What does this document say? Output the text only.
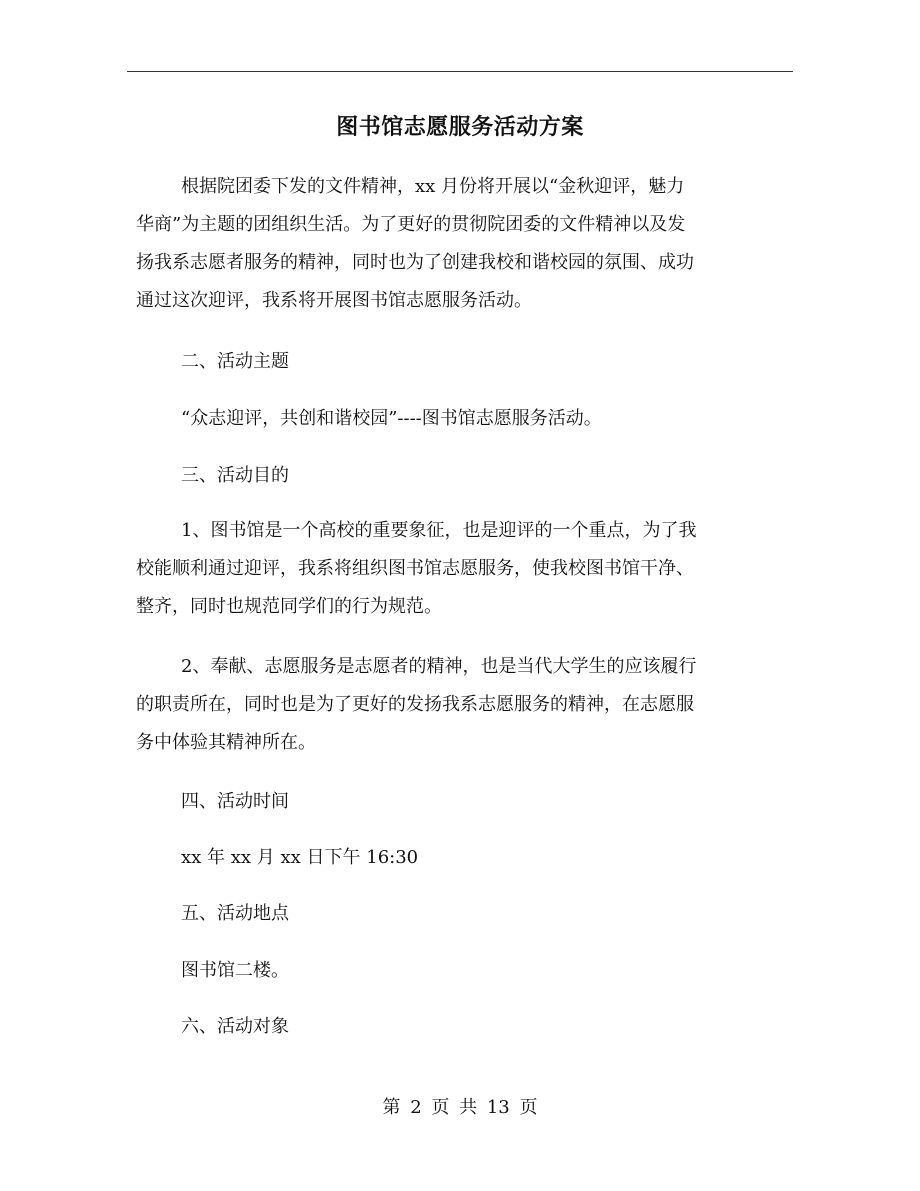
图书馆志愿服务活动方案
根据院团委下发的文件精神，xx 月份将开展以“金秋迎评，魅力
华商”为主题的团组织生活。为了更好的贯彻院团委的文件精神以及发
扬我系志愿者服务的精神，同时也为了创建我校和谐校园的氛围、成功
通过这次迎评，我系将开展图书馆志愿服务活动。
二、活动主题
“众志迎评，共创和谐校园”----图书馆志愿服务活动。
三、活动目的
1、图书馆是一个高校的重要象征，也是迎评的一个重点，为了我
校能顺利通过迎评，我系将组织图书馆志愿服务，使我校图书馆干净、
整齐，同时也规范同学们的行为规范。
2、奉献、志愿服务是志愿者的精神，也是当代大学生的应该履行
的职责所在，同时也是为了更好的发扬我系志愿服务的精神，在志愿服
务中体验其精神所在。
四、活动时间
xx 年 xx 月 xx 日下午 16:30
五、活动地点
图书馆二楼。
六、活动对象
第 2 页 共 13 页
